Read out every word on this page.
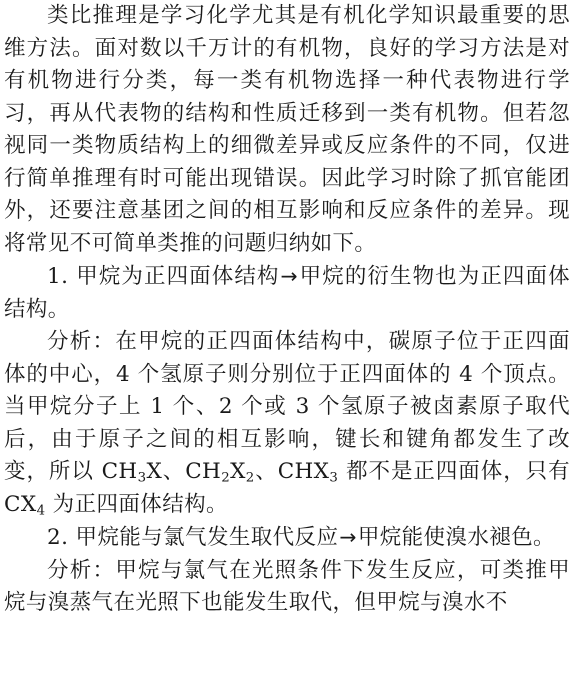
类比推理是学习化学尤其是有机化学知识最重要的思维方法。面对数以千万计的有机物，良好的学习方法是对有机物进行分类，每一类有机物选择一种代表物进行学习，再从代表物的结构和性质迁移到一类有机物。但若忽视同一类物质结构上的细微差异或反应条件的不同，仅进行简单推理有时可能出现错误。因此学习时除了抓官能团外，还要注意基团之间的相互影响和反应条件的差异。现将常见不可简单类推的问题归纳如下。

1. 甲烷为正四面体结构→甲烷的衍生物也为正四面体结构。

分析：在甲烷的正四面体结构中，碳原子位于正四面体的中心，4 个氢原子则分别位于正四面体的 4 个顶点。当甲烷分子上 1 个、2 个或 3 个氢原子被卤素原子取代后，由于原子之间的相互影响，键长和键角都发生了改变，所以 $CH_3X$、$CH_2X_2$、$CHX_3$ 都不是正四面体，只有 $CX_4$ 为正四面体结构。

2. 甲烷能与氯气发生取代反应→甲烷能使溴水褪色。

分析：甲烷与氯气在光照条件下发生反应，可类推甲烷与溴蒸气在光照下也能发生取代，但甲烷与溴水不
